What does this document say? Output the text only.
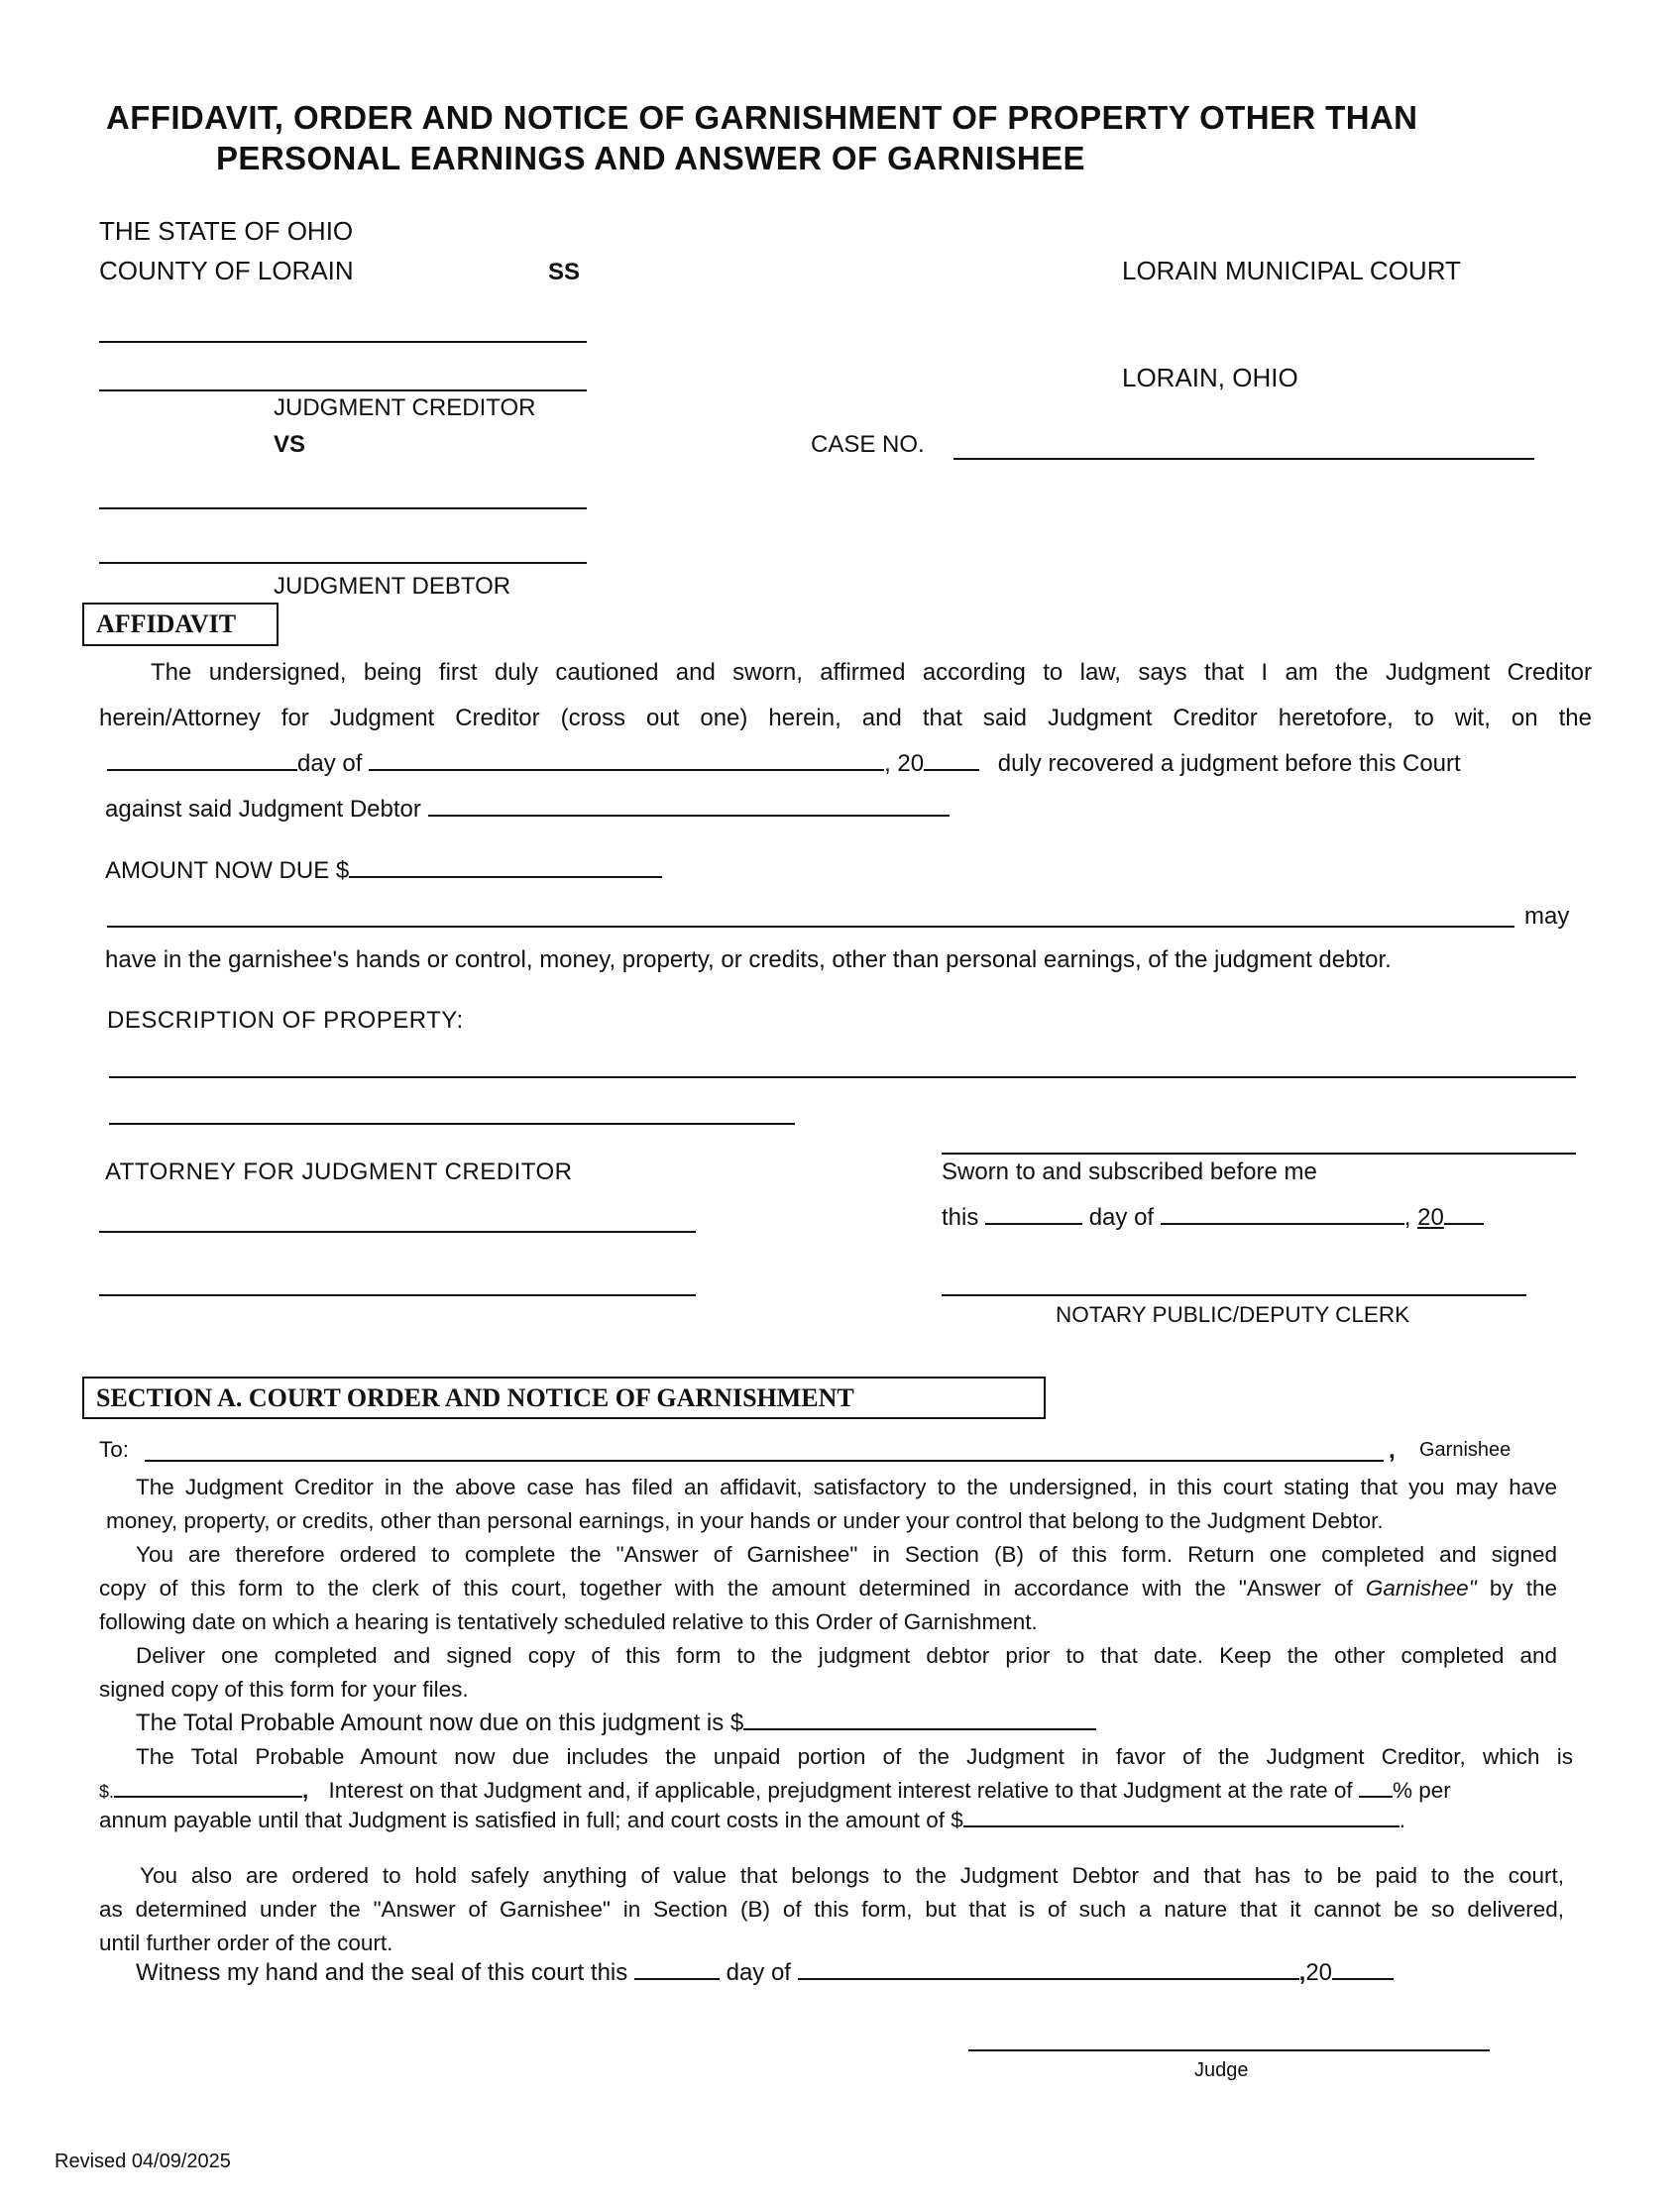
AFFIDAVIT, ORDER AND NOTICE OF GARNISHMENT OF PROPERTY OTHER THAN
PERSONAL EARNINGS AND ANSWER OF GARNISHEE
THE STATE OF OHIO
COUNTY OF LORAIN	SS	LORAIN MUNICIPAL COURT
LORAIN, OHIO
JUDGMENT CREDITOR
VS	CASE NO.
JUDGMENT DEBTOR
AFFIDAVIT
The undersigned, being first duly cautioned and sworn, affirmed according to law, says that I am the Judgment Creditor
herein/Attorney for Judgment Creditor (cross out one) herein, and that said Judgment Creditor heretofore, to wit, on the
day of	, 20	duly recovered a judgment before this Court
against said Judgment Debtor
AMOUNT NOW DUE $
may
have in the garnishee's hands or control, money, property, or credits, other than personal earnings, of the judgment debtor.
DESCRIPTION OF PROPERTY:
ATTORNEY FOR JUDGMENT CREDITOR	Sworn to and subscribed before me
this	day of	, 20
NOTARY PUBLIC/DEPUTY CLERK
SECTION A. COURT ORDER AND NOTICE OF GARNISHMENT
To:	, Garnishee
The Judgment Creditor in the above case has filed an affidavit, satisfactory to the undersigned, in this court stating that you may have
money, property, or credits, other than personal earnings, in your hands or under your control that belong to the Judgment Debtor.
You are therefore ordered to complete the "Answer of Garnishee" in Section (B) of this form. Return one completed and signed
copy of this form to the clerk of this court, together with the amount determined in accordance with the "Answer of Garnishee" by the
following date on which a hearing is tentatively scheduled relative to this Order of Garnishment.
Deliver one completed and signed copy of this form to the judgment debtor prior to that date. Keep the other completed and
signed copy of this form for your files.
The Total Probable Amount now due on this judgment is $
The Total Probable Amount now due includes the unpaid portion of the Judgment in favor of the Judgment Creditor, which is
$.	, Interest on that Judgment and, if applicable, prejudgment interest relative to that Judgment at the rate of % per
annum payable until that Judgment is satisfied in full; and court costs in the amount of $	.
You also are ordered to hold safely anything of value that belongs to the Judgment Debtor and that has to be paid to the court,
as determined under the "Answer of Garnishee" in Section (B) of this form, but that is of such a nature that it cannot be so delivered,
until further order of the court.
Witness my hand and the seal of this court this	day of	,20
Judge
Revised 04/09/2025
